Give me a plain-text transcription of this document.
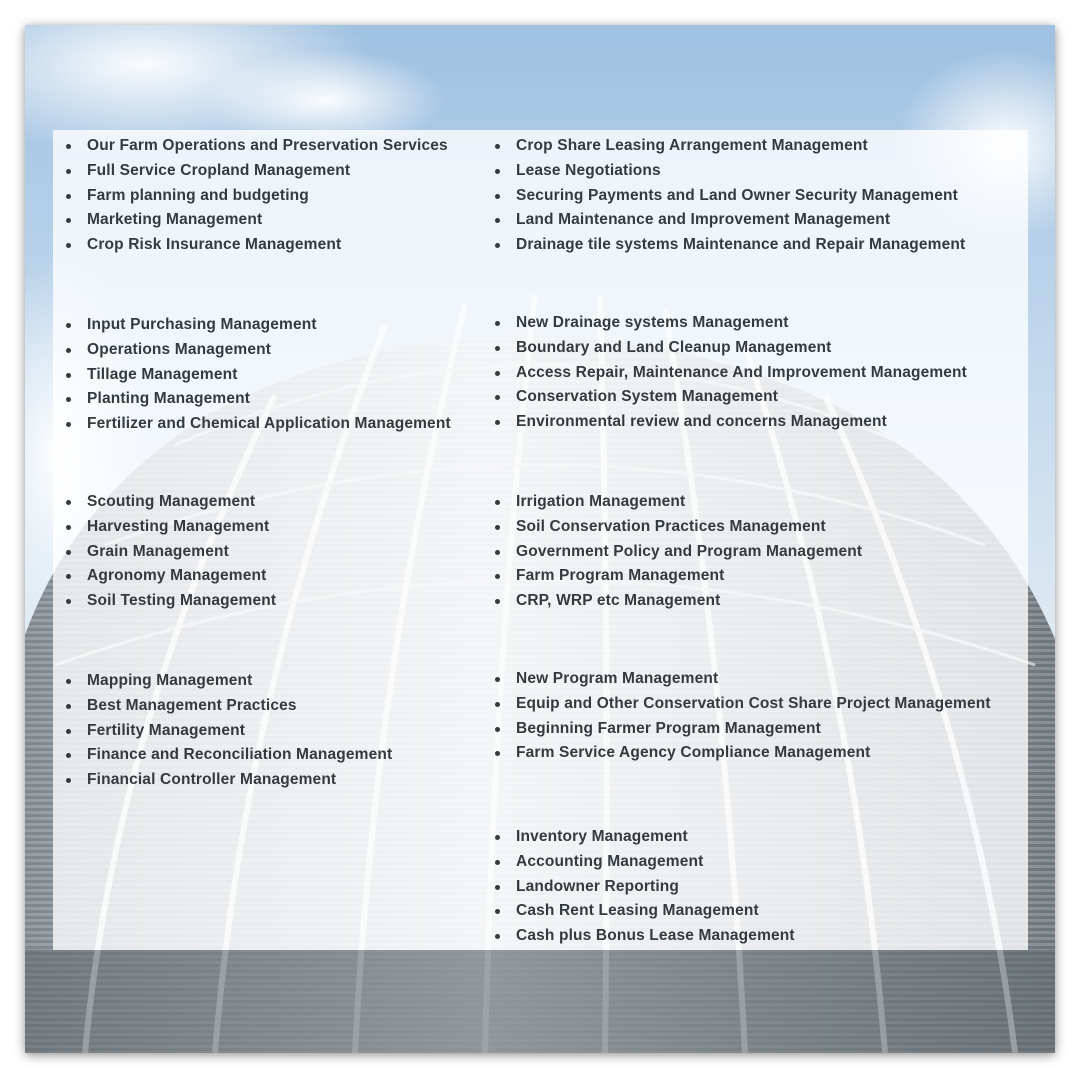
Our Farm Operations and Preservation Services
Full Service Cropland Management
Farm planning and budgeting
Marketing Management
Crop Risk Insurance Management
Input Purchasing Management
Operations Management
Tillage Management
Planting Management
Fertilizer and Chemical Application Management
Scouting Management
Harvesting Management
Grain Management
Agronomy Management
Soil Testing Management
Mapping Management
Best Management Practices
Fertility Management
Finance and Reconciliation Management
Financial Controller Management
Crop Share Leasing Arrangement Management
Lease Negotiations
Securing Payments and Land Owner Security Management
Land Maintenance and Improvement Management
Drainage tile systems Maintenance and Repair Management
New Drainage systems Management
Boundary and Land Cleanup Management
Access Repair, Maintenance And Improvement Management
Conservation System Management
Environmental review and concerns Management
Irrigation Management
Soil Conservation Practices Management
Government Policy and Program Management
Farm Program Management
CRP, WRP etc Management
New Program Management
Equip and Other Conservation Cost Share Project Management
Beginning Farmer Program Management
Farm Service Agency Compliance Management
Inventory Management
Accounting Management
Landowner Reporting
Cash Rent Leasing Management
Cash plus Bonus Lease Management
